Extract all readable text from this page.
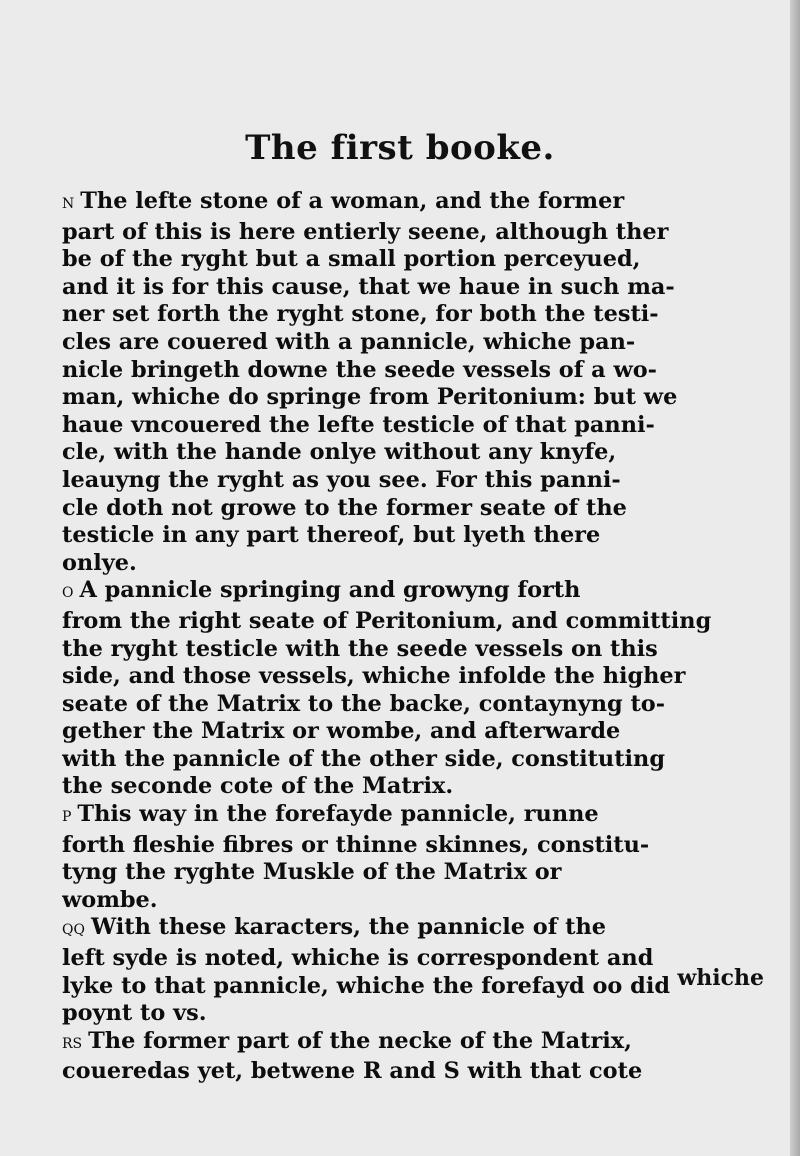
The first booke.

N The lefte stone of a woman, and the former
part of this is here entierly seene, although ther
be of the ryght but a small portion perceyued,
and it is for this cause, that we haue in such ma-
ner set forth the ryght stone, for both the testi-
cles are couered with a pannicle, whiche pan-
nicle bringeth downe the seede vessels of a wo-
man, whiche do springe from Peritonium: but we
haue vncouered the lefte testicle of that panni-
cle, with the hande onlye without any knyfe,
leauyng the ryght as you see. For this panni-
cle doth not growe to the former seate of the
testicle in any part thereof, but lyeth there
onlye.

O A pannicle springing and growyng forth
from the right seate of Peritonium, and committing
the ryght testicle with the seede vessels on this
side, and those vessels, whiche infolde the higher
seate of the Matrix to the backe, contaynyng to-
gether the Matrix or wombe, and afterwarde
with the pannicle of the other side, constituting
the seconde cote of the Matrix.

P This way in the forefayde pannicle, runne
forth fleshie fibres or thinne skinnes, constitu-
tyng the ryghte Muskle of the Matrix or
wombe.

QQ With these karacters, the pannicle of the
left syde is noted, whiche is correspondent and
lyke to that pannicle, whiche the forefayd oo did
poynt to vs.

RS The former part of the necke of the Matrix,
coueredas yet, betwene R and S with that cote

whiche
